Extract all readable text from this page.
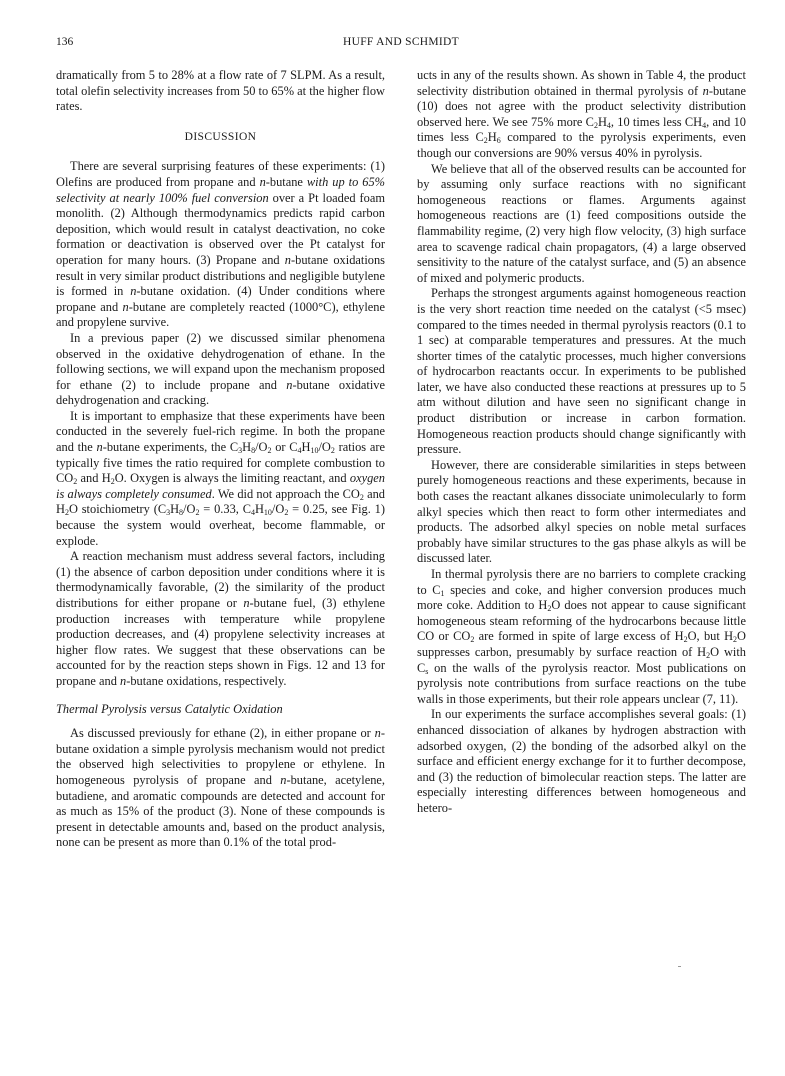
136	HUFF AND SCHMIDT

dramatically from 5 to 28% at a flow rate of 7 SLPM. As a result, total olefin selectivity increases from 50 to 65% at the higher flow rates.

DISCUSSION

There are several surprising features of these experiments: (1) Olefins are produced from propane and n-butane with up to 65% selectivity at nearly 100% fuel conversion over a Pt loaded foam monolith. (2) Although thermodynamics predicts rapid carbon deposition, which would result in catalyst deactivation, no coke formation or deactivation is observed over the Pt catalyst for operation for many hours. (3) Propane and n-butane oxidations result in very similar product distributions and negligible butylene is formed in n-butane oxidation. (4) Under conditions where propane and n-butane are completely reacted (1000°C), ethylene and propylene survive.

In a previous paper (2) we discussed similar phenomena observed in the oxidative dehydrogenation of ethane. In the following sections, we will expand upon the mechanism proposed for ethane (2) to include propane and n-butane oxidative dehydrogenation and cracking.

It is important to emphasize that these experiments have been conducted in the severely fuel-rich regime. In both the propane and the n-butane experiments, the $C_3H_8/O_2$ or $C_4H_{10}/O_2$ ratios are typically five times the ratio required for complete combustion to $CO_2$ and $H_2O$. Oxygen is always the limiting reactant, and oxygen is always completely consumed. We did not approach the $CO_2$ and $H_2O$ stoichiometry ($C_3H_8/O_2 = 0.33$, $C_4H_{10}/O_2 = 0.25$, see Fig. 1) because the system would overheat, become flammable, or explode.

A reaction mechanism must address several factors, including (1) the absence of carbon deposition under conditions where it is thermodynamically favorable, (2) the similarity of the product distributions for either propane or n-butane fuel, (3) ethylene production increases with temperature while propylene production decreases, and (4) propylene selectivity increases at higher flow rates. We suggest that these observations can be accounted for by the reaction steps shown in Figs. 12 and 13 for propane and n-butane oxidations, respectively.

Thermal Pyrolysis versus Catalytic Oxidation

As discussed previously for ethane (2), in either propane or n-butane oxidation a simple pyrolysis mechanism would not predict the observed high selectivities to propylene or ethylene. In homogeneous pyrolysis of propane and n-butane, acetylene, butadiene, and aromatic compounds are detected and account for as much as 15% of the product (3). None of these compounds is present in detectable amounts and, based on the product analysis, none can be present as more than 0.1% of the total prod-

ucts in any of the results shown. As shown in Table 4, the product selectivity distribution obtained in thermal pyrolysis of n-butane (10) does not agree with the product selectivity distribution observed here. We see 75% more $C_2H_4$, 10 times less $CH_4$, and 10 times less $C_2H_6$ compared to the pyrolysis experiments, even though our conversions are 90% versus 40% in pyrolysis.

We believe that all of the observed results can be accounted for by assuming only surface reactions with no significant homogeneous reactions or flames. Arguments against homogeneous reactions are (1) feed compositions outside the flammability regime, (2) very high flow velocity, (3) high surface area to scavenge radical chain propagators, (4) a large observed sensitivity to the nature of the catalyst surface, and (5) an absence of mixed and polymeric products.

Perhaps the strongest arguments against homogeneous reaction is the very short reaction time needed on the catalyst (<5 msec) compared to the times needed in thermal pyrolysis reactors (0.1 to 1 sec) at comparable temperatures and pressures. At the much shorter times of the catalytic processes, much higher conversions of hydrocarbon reactants occur. In experiments to be published later, we have also conducted these reactions at pressures up to 5 atm without dilution and have seen no significant change in product distribution or increase in carbon formation. Homogeneous reaction products should change significantly with pressure.

However, there are considerable similarities in steps between purely homogeneous reactions and these experiments, because in both cases the reactant alkanes dissociate unimolecularly to form alkyl species which then react to form other intermediates and products. The adsorbed alkyl species on noble metal surfaces probably have similar structures to the gas phase alkyls as will be discussed later.

In thermal pyrolysis there are no barriers to complete cracking to $C_1$ species and coke, and higher conversion produces much more coke. Addition to $H_2O$ does not appear to cause significant homogeneous steam reforming of the hydrocarbons because little CO or $CO_2$ are formed in spite of large excess of $H_2O$, but $H_2O$ suppresses carbon, presumably by surface reaction of $H_2O$ with $C_s$ on the walls of the pyrolysis reactor. Most publications on pyrolysis note contributions from surface reactions on the tube walls in those experiments, but their role appears unclear (7, 11).

In our experiments the surface accomplishes several goals: (1) enhanced dissociation of alkanes by hydrogen abstraction with adsorbed oxygen, (2) the bonding of the adsorbed alkyl on the surface and efficient energy exchange for it to further decompose, and (3) the reduction of bimolecular reaction steps. The latter are especially interesting differences between homogeneous and hetero-
